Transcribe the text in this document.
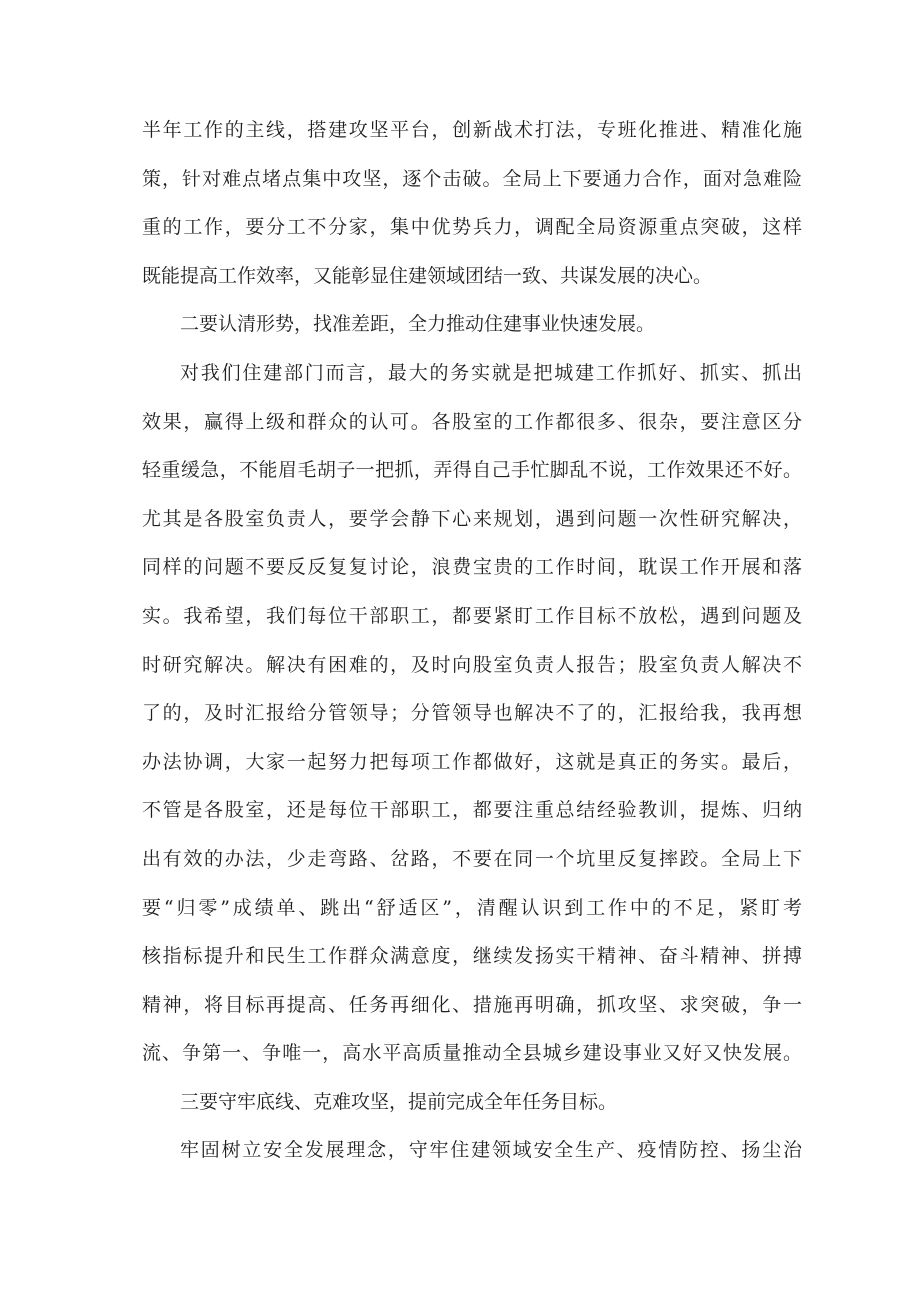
半年工作的主线，搭建攻坚平台，创新战术打法，专班化推进、精准化施
策，针对难点堵点集中攻坚，逐个击破。全局上下要通力合作，面对急难险
重的工作，要分工不分家，集中优势兵力，调配全局资源重点突破，这样
既能提高工作效率，又能彰显住建领域团结一致、共谋发展的决心。
二要认清形势，找准差距，全力推动住建事业快速发展。
对我们住建部门而言，最大的务实就是把城建工作抓好、抓实、抓出
效果，赢得上级和群众的认可。各股室的工作都很多、很杂，要注意区分
轻重缓急，不能眉毛胡子一把抓，弄得自己手忙脚乱不说，工作效果还不好。
尤其是各股室负责人，要学会静下心来规划，遇到问题一次性研究解决，
同样的问题不要反反复复讨论，浪费宝贵的工作时间，耽误工作开展和落
实。我希望，我们每位干部职工，都要紧盯工作目标不放松，遇到问题及
时研究解决。解决有困难的，及时向股室负责人报告；股室负责人解决不
了的，及时汇报给分管领导；分管领导也解决不了的，汇报给我，我再想
办法协调，大家一起努力把每项工作都做好，这就是真正的务实。最后，
不管是各股室，还是每位干部职工，都要注重总结经验教训，提炼、归纳
出有效的办法，少走弯路、岔路，不要在同一个坑里反复摔跤。全局上下
要“归零”成绩单、跳出“舒适区”，清醒认识到工作中的不足，紧盯考
核指标提升和民生工作群众满意度，继续发扬实干精神、奋斗精神、拼搏
精神，将目标再提高、任务再细化、措施再明确，抓攻坚、求突破，争一
流、争第一、争唯一，高水平高质量推动全县城乡建设事业又好又快发展。
三要守牢底线、克难攻坚，提前完成全年任务目标。
牢固树立安全发展理念，守牢住建领域安全生产、疫情防控、扬尘治
